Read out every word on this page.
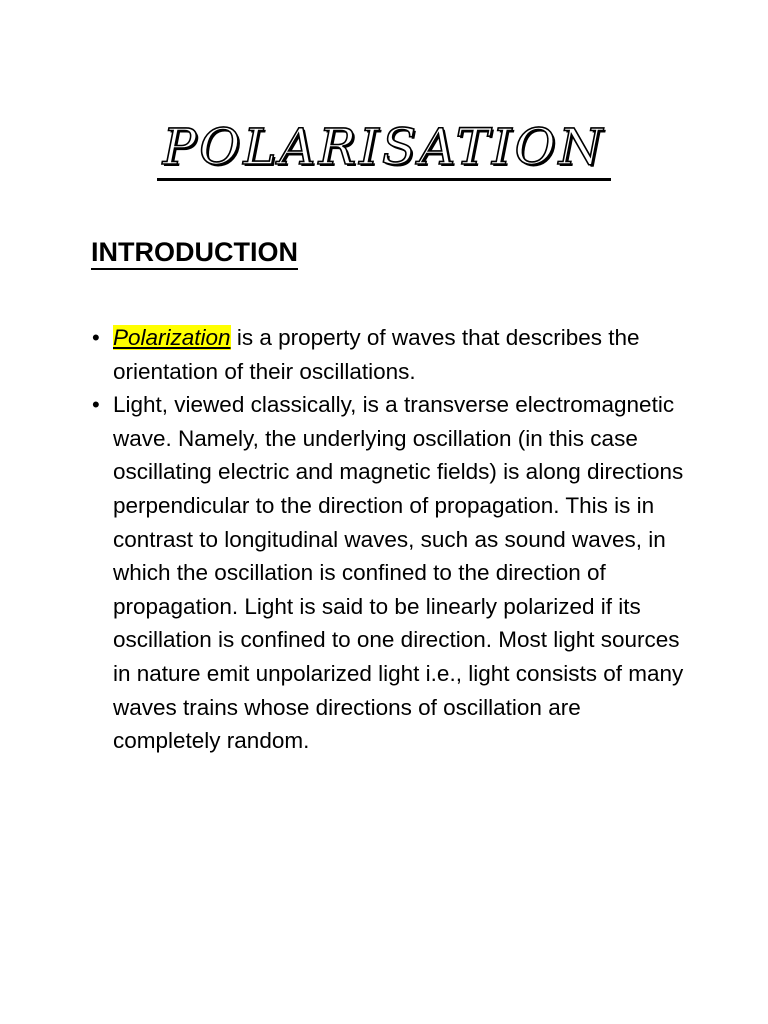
POLARISATION
INTRODUCTION
• Polarization is a property of waves that describes the orientation of their oscillations.
• Light, viewed classically, is a transverse electromagnetic wave. Namely, the underlying oscillation (in this case oscillating electric and magnetic fields) is along directions perpendicular to the direction of propagation. This is in contrast to longitudinal waves, such as sound waves, in which the oscillation is confined to the direction of propagation. Light is said to be linearly polarized if its oscillation is confined to one direction. Most light sources in nature emit unpolarized light i.e., light consists of many waves trains whose directions of oscillation are completely random.
